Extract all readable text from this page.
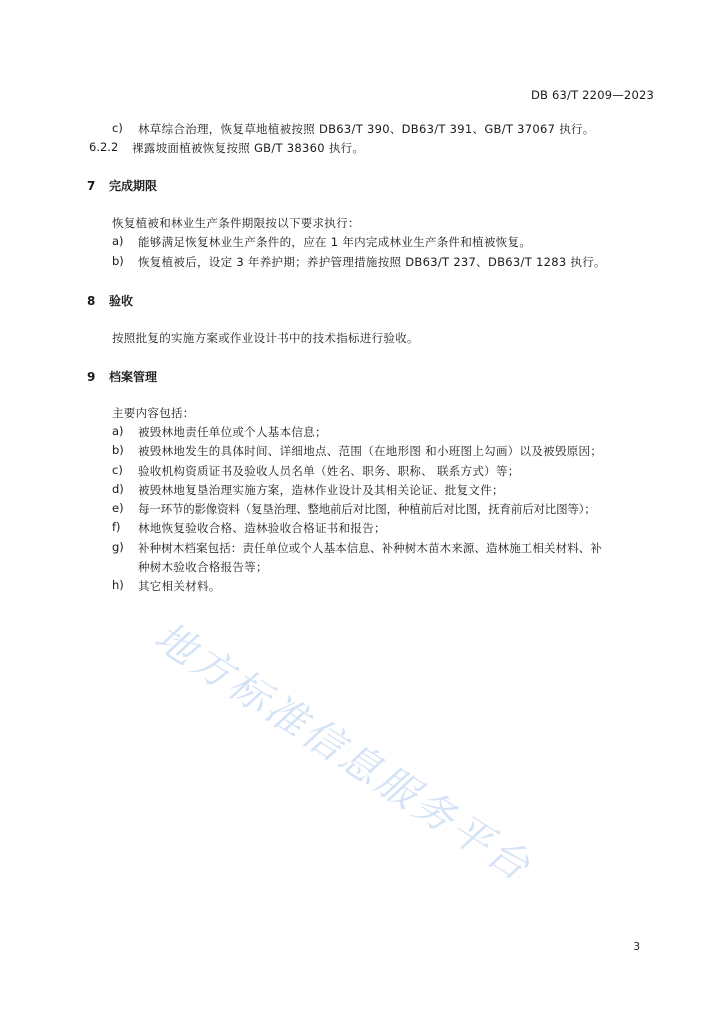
DB 63/T 2209—2023
c) 林草综合治理，恢复草地植被按照 DB63/T 390、DB63/T 391、GB/T 37067 执行。
6.2.2 裸露坡面植被恢复按照 GB/T 38360 执行。
7 完成期限
恢复植被和林业生产条件期限按以下要求执行：
a) 能够满足恢复林业生产条件的，应在 1 年内完成林业生产条件和植被恢复。
b) 恢复植被后，设定 3 年养护期；养护管理措施按照 DB63/T 237、DB63/T 1283 执行。
8 验收
按照批复的实施方案或作业设计书中的技术指标进行验收。
9 档案管理
主要内容包括：
a) 被毁林地责任单位或个人基本信息；
b) 被毁林地发生的具体时间、详细地点、范围（在地形图 和小班图上勾画）以及被毁原因；
c) 验收机构资质证书及验收人员名单（姓名、职务、职称、 联系方式）等；
d) 被毁林地复垦治理实施方案，造林作业设计及其相关论证、批复文件；
e) 每一环节的影像资料（复垦治理、整地前后对比图，种植前后对比图，抚育前后对比图等）；
f) 林地恢复验收合格、造林验收合格证书和报告；
g) 补种树木档案包括：责任单位或个人基本信息、补种树木苗木来源、造林施工相关材料、补
种树木验收合格报告等；
h) 其它相关材料。
地方标准信息服务平台
3
